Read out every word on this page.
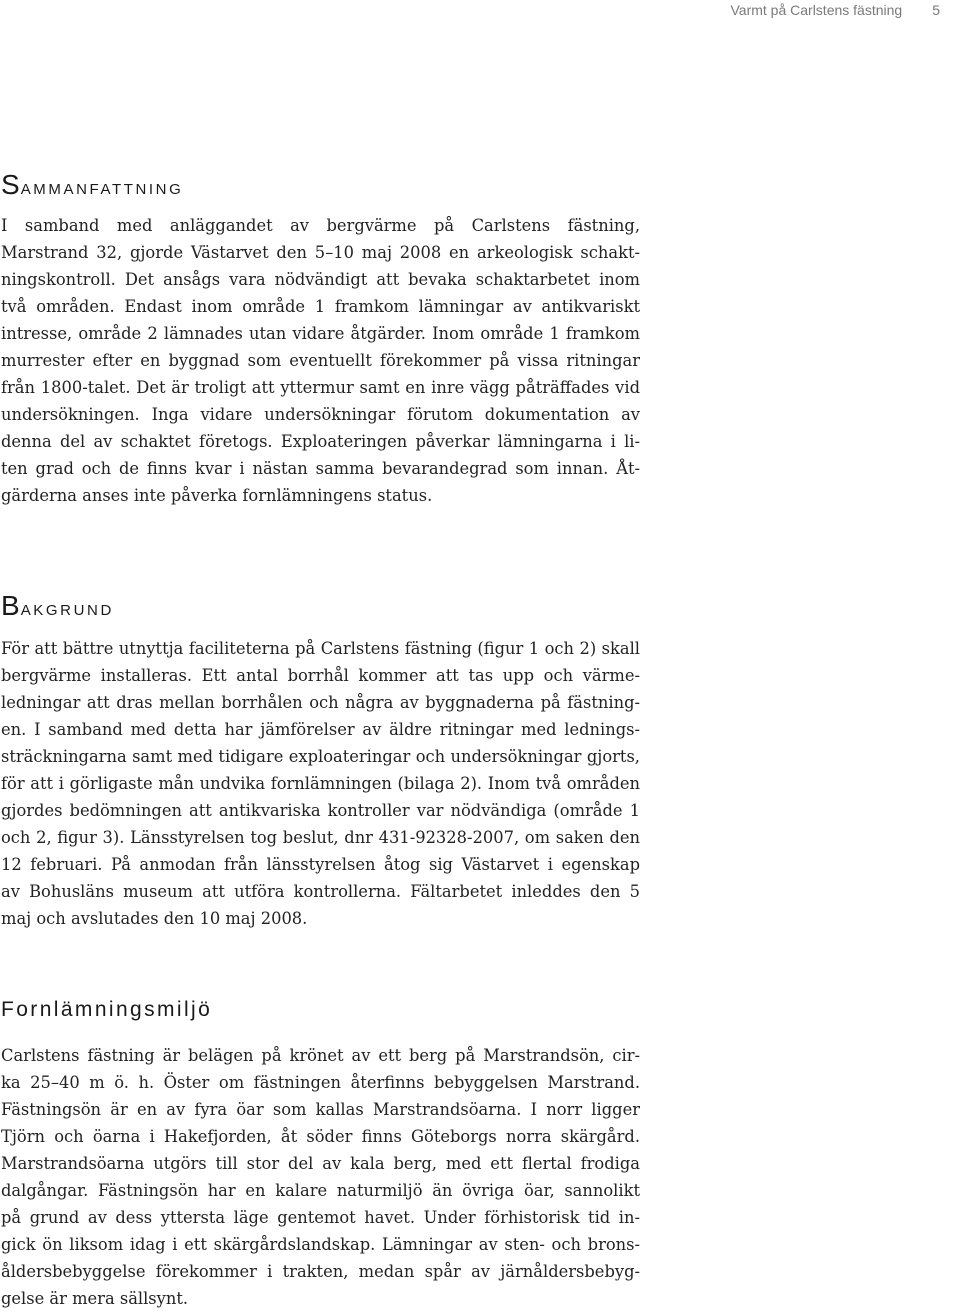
Varmt på Carlstens fästning 5
Sammanfattning
I samband med anläggandet av bergvärme på Carlstens fästning,
Marstrand 32, gjorde Västarvet den 5–10 maj 2008 en arkeologisk schakt-
ningskontroll. Det ansågs vara nödvändigt att bevaka schaktarbetet inom
två områden. Endast inom område 1 framkom lämningar av antikvariskt
intresse, område 2 lämnades utan vidare åtgärder. Inom område 1 framkom
murrester efter en byggnad som eventuellt förekommer på vissa ritningar
från 1800-talet. Det är troligt att yttermur samt en inre vägg påträffades vid
undersökningen. Inga vidare undersökningar förutom dokumentation av
denna del av schaktet företogs. Exploateringen påverkar lämningarna i li-
ten grad och de finns kvar i nästan samma bevarandegrad som innan. Åt-
gärderna anses inte påverka fornlämningens status.
Bakgrund
För att bättre utnyttja faciliteterna på Carlstens fästning (figur 1 och 2) skall
bergvärme installeras. Ett antal borrhål kommer att tas upp och värme-
ledningar att dras mellan borrhålen och några av byggnaderna på fästning-
en. I samband med detta har jämförelser av äldre ritningar med lednings-
sträckningarna samt med tidigare exploateringar och undersökningar gjorts,
för att i görligaste mån undvika fornlämningen (bilaga 2). Inom två områden
gjordes bedömningen att antikvariska kontroller var nödvändiga (område 1
och 2, figur 3). Länsstyrelsen tog beslut, dnr 431-92328-2007, om saken den
12 februari. På anmodan från länsstyrelsen åtog sig Västarvet i egenskap
av Bohusläns museum att utföra kontrollerna. Fältarbetet inleddes den 5
maj och avslutades den 10 maj 2008.
Fornlämningsmiljö
Carlstens fästning är belägen på krönet av ett berg på Marstrandsön, cir-
ka 25–40 m ö. h. Öster om fästningen återfinns bebyggelsen Marstrand.
Fästningsön är en av fyra öar som kallas Marstrandsöarna. I norr ligger
Tjörn och öarna i Hakefjorden, åt söder finns Göteborgs norra skärgård.
Marstrandsöarna utgörs till stor del av kala berg, med ett flertal frodiga
dalgångar. Fästningsön har en kalare naturmiljö än övriga öar, sannolikt
på grund av dess yttersta läge gentemot havet. Under förhistorisk tid in-
gick ön liksom idag i ett skärgårdslandskap. Lämningar av sten- och brons-
åldersbebyggelse förekommer i trakten, medan spår av järnåldersbebyg-
gelse är mera sällsynt.
